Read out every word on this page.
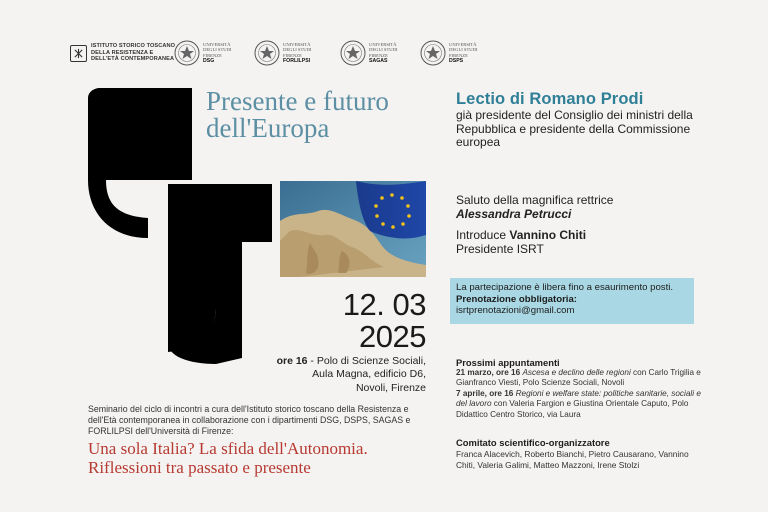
ISTITUTO STORICO TOSCANO
DELLA RESISTENZA E
DELL'ETÀ CONTEMPORANEA
UNIVERSITÀ
DEGLI STUDI
FIRENZE
DSG
UNIVERSITÀ
DEGLI STUDI
FIRENZE
FORLILPSI
UNIVERSITÀ
DEGLI STUDI
FIRENZE
SAGAS
UNIVERSITÀ
DEGLI STUDI
FIRENZE
DSPS
Presente e futuro
dell'Europa
12. 03
2025
ore 16 - Polo di Scienze Sociali,
Aula Magna, edificio D6,
Novoli, Firenze
Seminario del ciclo di incontri a cura dell'Istituto storico toscano della Resistenza e dell'Età contemporanea in collaborazione con i dipartimenti DSG, DSPS, SAGAS e FORLILPSI dell'Università di Firenze:
Una sola Italia? La sfida dell'Autonomia.
Riflessioni tra passato e presente
Lectio di Romano Prodi
già presidente del Consiglio dei ministri della Repubblica e presidente della Commissione europea
Saluto della magnifica rettrice
Alessandra Petrucci
Introduce Vannino Chiti
Presidente ISRT
La partecipazione è libera fino a esaurimento posti. Prenotazione obbligatoria:
isrtprenotazioni@gmail.com
Prossimi appuntamenti
21 marzo, ore 16 Ascesa e declino delle regioni con Carlo Trigilia e Gianfranco Viesti, Polo Scienze Sociali, Novoli
7 aprile, ore 16 Regioni e welfare state: politiche sanitarie, sociali e del lavoro con Valeria Fargion e Giustina Orientale Caputo, Polo Didattico Centro Storico, via Laura
Comitato scientifico-organizzatore
Franca Alacevich, Roberto Bianchi, Pietro Causarano, Vannino Chiti, Valeria Galimi, Matteo Mazzoni, Irene Stolzi
